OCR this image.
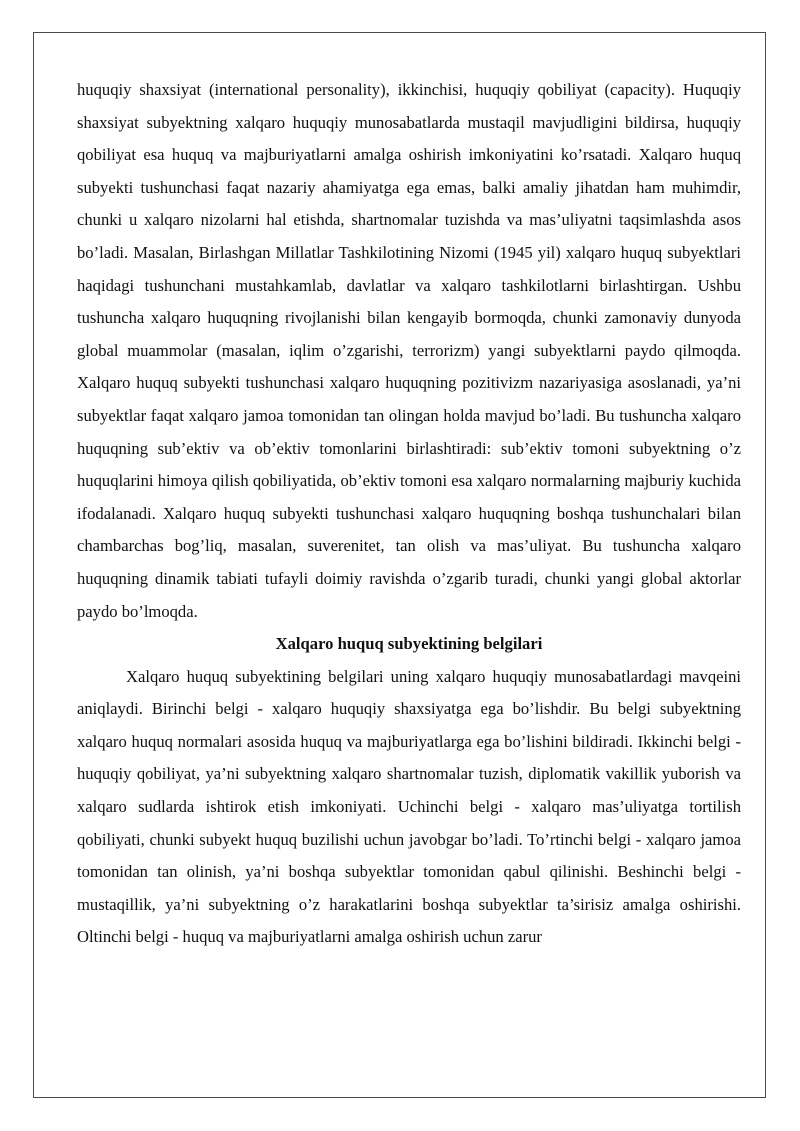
huquqiy shaxsiyat (international personality), ikkinchisi, huquqiy qobiliyat (capacity). Huquqiy shaxsiyat subyektning xalqaro huquqiy munosabatlarda mustaqil mavjudligini bildirsa, huquqiy qobiliyat esa huquq va majburiyatlarni amalga oshirish imkoniyatini ko’rsatadi. Xalqaro huquq subyekti tushunchasi faqat nazariy ahamiyatga ega emas, balki amaliy jihatdan ham muhimdir, chunki u xalqaro nizolarni hal etishda, shartnomalar tuzishda va mas’uliyatni taqsimlashda asos bo’ladi. Masalan, Birlashgan Millatlar Tashkilotining Nizomi (1945 yil) xalqaro huquq subyektlari haqidagi tushunchani mustahkamlab, davlatlar va xalqaro tashkilotlarni birlashtirgan. Ushbu tushuncha xalqaro huquqning rivojlanishi bilan kengayib bormoqda, chunki zamonaviy dunyoda global muammolar (masalan, iqlim o’zgarishi, terrorizm) yangi subyektlarni paydo qilmoqda. Xalqaro huquq subyekti tushunchasi xalqaro huquqning pozitivizm nazariyasiga asoslanadi, ya’ni subyektlar faqat xalqaro jamoa tomonidan tan olingan holda mavjud bo’ladi. Bu tushuncha xalqaro huquqning sub’ektiv va ob’ektiv tomonlarini birlashtiradi: sub’ektiv tomoni subyektning o’z huquqlarini himoya qilish qobiliyatida, ob’ektiv tomoni esa xalqaro normalarning majburiy kuchida ifodalanadi. Xalqaro huquq subyekti tushunchasi xalqaro huquqning boshqa tushunchalari bilan chambarchas bog’liq, masalan, suverenitet, tan olish va mas’uliyat. Bu tushuncha xalqaro huquqning dinamik tabiati tufayli doimiy ravishda o’zgarib turadi, chunki yangi global aktorlar paydo bo’lmoqda.

Xalqaro huquq subyektining belgilari

Xalqaro huquq subyektining belgilari uning xalqaro huquqiy munosabatlardagi mavqeini aniqlaydi. Birinchi belgi - xalqaro huquqiy shaxsiyatga ega bo’lishdir. Bu belgi subyektning xalqaro huquq normalari asosida huquq va majburiyatlarga ega bo’lishini bildiradi. Ikkinchi belgi - huquqiy qobiliyat, ya’ni subyektning xalqaro shartnomalar tuzish, diplomatik vakillik yuborish va xalqaro sudlarda ishtirok etish imkoniyati. Uchinchi belgi - xalqaro mas’uliyatga tortilish qobiliyati, chunki subyekt huquq buzilishi uchun javobgar bo’ladi. To’rtinchi belgi - xalqaro jamoa tomonidan tan olinish, ya’ni boshqa subyektlar tomonidan qabul qilinishi. Beshinchi belgi - mustaqillik, ya’ni subyektning o’z harakatlarini boshqa subyektlar ta’sirisiz amalga oshirishi. Oltinchi belgi - huquq va majburiyatlarni amalga oshirish uchun zarur
